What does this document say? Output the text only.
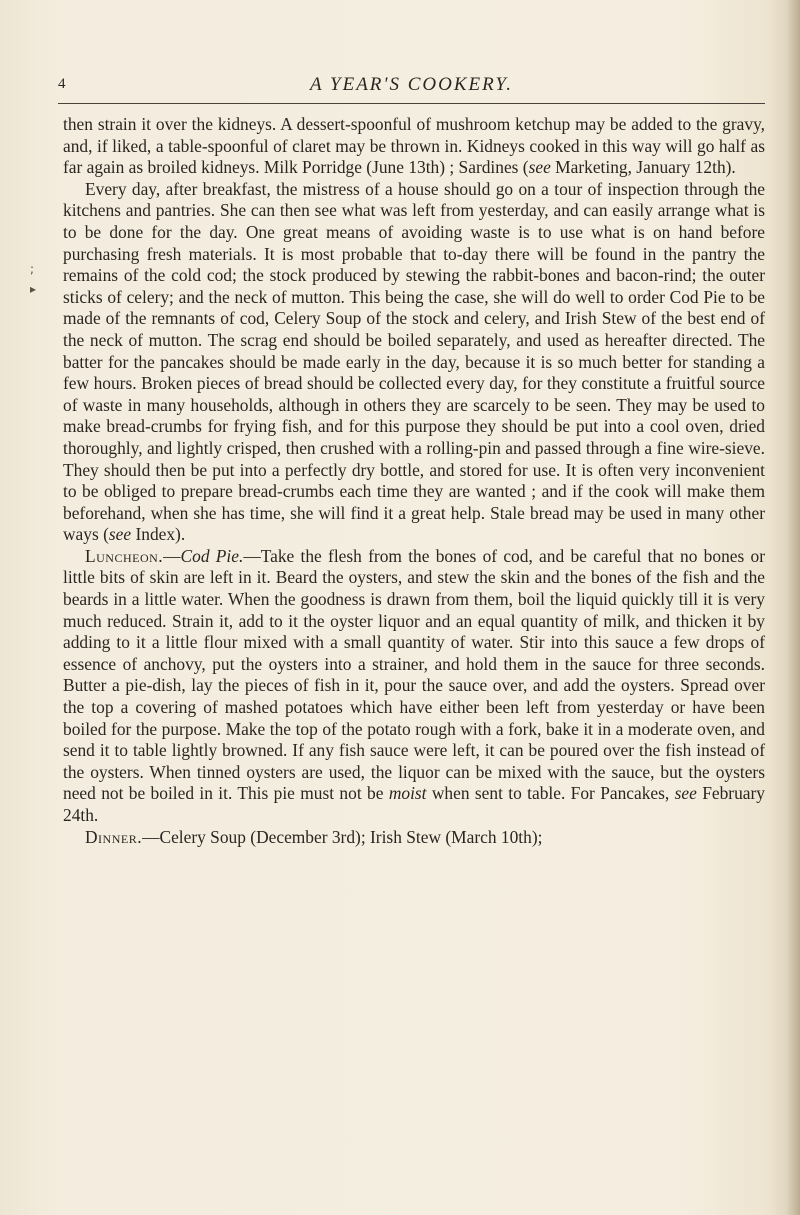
4	A YEAR'S COOKERY.
;
▸

then strain it over the kidneys. A dessert-spoonful of mushroom ketchup may be added to the gravy, and, if liked, a table-spoonful of claret may be thrown in. Kidneys cooked in this way will go half as far again as broiled kidneys. Milk Porridge (June 13th) ; Sardines (see Marketing, January 12th).

Every day, after breakfast, the mistress of a house should go on a tour of inspection through the kitchens and pantries. She can then see what was left from yesterday, and can easily arrange what is to be done for the day. One great means of avoiding waste is to use what is on hand before purchasing fresh materials. It is most probable that to-day there will be found in the pantry the remains of the cold cod; the stock produced by stewing the rabbit-bones and bacon-rind; the outer sticks of celery; and the neck of mutton. This being the case, she will do well to order Cod Pie to be made of the remnants of cod, Celery Soup of the stock and celery, and Irish Stew of the best end of the neck of mutton. The scrag end should be boiled separately, and used as hereafter directed. The batter for the pancakes should be made early in the day, because it is so much better for standing a few hours. Broken pieces of bread should be collected every day, for they constitute a fruitful source of waste in many households, although in others they are scarcely to be seen. They may be used to make bread-crumbs for frying fish, and for this purpose they should be put into a cool oven, dried thoroughly, and lightly crisped, then crushed with a rolling-pin and passed through a fine wire-sieve. They should then be put into a perfectly dry bottle, and stored for use. It is often very inconvenient to be obliged to prepare bread-crumbs each time they are wanted ; and if the cook will make them beforehand, when she has time, she will find it a great help. Stale bread may be used in many other ways (see Index).

Luncheon.—Cod Pie.—Take the flesh from the bones of cod, and be careful that no bones or little bits of skin are left in it. Beard the oysters, and stew the skin and the bones of the fish and the beards in a little water. When the goodness is drawn from them, boil the liquid quickly till it is very much reduced. Strain it, add to it the oyster liquor and an equal quantity of milk, and thicken it by adding to it a little flour mixed with a small quantity of water. Stir into this sauce a few drops of essence of anchovy, put the oysters into a strainer, and hold them in the sauce for three seconds. Butter a pie-dish, lay the pieces of fish in it, pour the sauce over, and add the oysters. Spread over the top a covering of mashed potatoes which have either been left from yesterday or have been boiled for the purpose. Make the top of the potato rough with a fork, bake it in a moderate oven, and send it to table lightly browned. If any fish sauce were left, it can be poured over the fish instead of the oysters. When tinned oysters are used, the liquor can be mixed with the sauce, but the oysters need not be boiled in it. This pie must not be moist when sent to table. For Pancakes, see February 24th.

Dinner.—Celery Soup (December 3rd); Irish Stew (March 10th);
